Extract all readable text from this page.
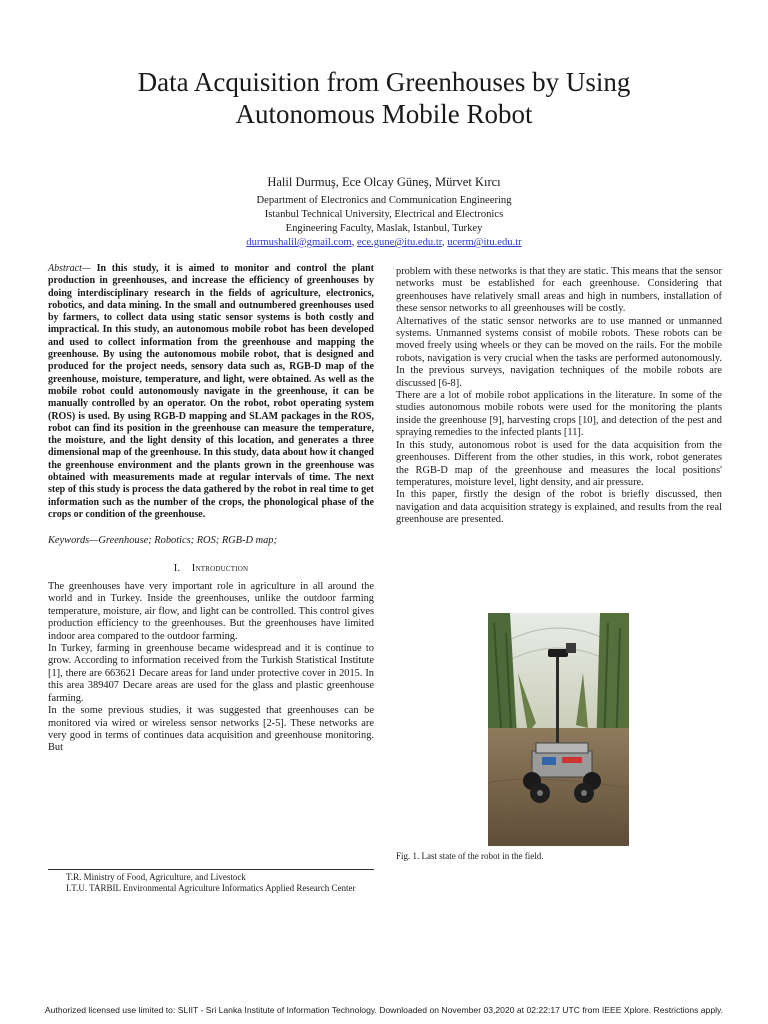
Data Acquisition from Greenhouses by Using
Autonomous Mobile Robot
Halil Durmuş, Ece Olcay Güneş, Mürvet Kırcı
Department of Electronics and Communication Engineering
Istanbul Technical University, Electrical and Electronics
Engineering Faculty, Maslak, Istanbul, Turkey
durmushalil@gmail.com, ece.gune@itu.edu.tr, ucerm@itu.edu.tr
Abstract— In this study, it is aimed to monitor and control the plant production in greenhouses, and increase the efficiency of greenhouses by doing interdisciplinary research in the fields of agriculture, electronics, robotics, and data mining. In the small and outnumbered greenhouses used by farmers, to collect data using static sensor systems is both costly and impractical. In this study, an autonomous mobile robot has been developed and used to collect information from the greenhouse and mapping the greenhouse. By using the autonomous mobile robot, that is designed and produced for the project needs, sensory data such as, RGB-D map of the greenhouse, moisture, temperature, and light, were obtained. As well as the mobile robot could autonomously navigate in the greenhouse, it can be manually controlled by an operator. On the robot, robot operating system (ROS) is used. By using RGB-D mapping and SLAM packages in the ROS, robot can find its position in the greenhouse can measure the temperature, the moisture, and the light density of this location, and generates a three dimensional map of the greenhouse. In this study, data about how it changed the greenhouse environment and the plants grown in the greenhouse was obtained with measurements made at regular intervals of time. The next step of this study is process the data gathered by the robot in real time to get information such as the number of the crops, the phonological phase of the crops or condition of the greenhouse.
Keywords—Greenhouse; Robotics; ROS; RGB-D map;
I. Introduction

The greenhouses have very important role in agriculture in all around the world and in Turkey. Inside the greenhouses, unlike the outdoor farming temperature, moisture, air flow, and light can be controlled. This control gives production efficiency to the greenhouses. But the greenhouses have limited indoor area compared to the outdoor farming.

In Turkey, farming in greenhouse became widespread and it is continue to grow. According to information received from the Turkish Statistical Institute [1], there are 663621 Decare areas for land under protective cover in 2015. In this area 389407 Decare areas are used for the glass and plastic greenhouse farming.

In the some previous studies, it was suggested that greenhouses can be monitored via wired or wireless sensor networks [2-5]. These networks are very good in terms of continues data acquisition and greenhouse monitoring. But

T.R. Ministry of Food, Agriculture, and Livestock
I.T.U. TARBIL Environmental Agriculture Informatics Applied Research Center

problem with these networks is that they are static. This means that the sensor networks must be established for each greenhouse. Considering that greenhouses have relatively small areas and high in numbers, installation of these sensor networks to all greenhouses will be costly.

Alternatives of the static sensor networks are to use manned or unmanned systems. Unmanned systems consist of mobile robots. These robots can be moved freely using wheels or they can be moved on the rails. For the mobile robots, navigation is very crucial when the tasks are performed autonomously. In the previous surveys, navigation techniques of the mobile robots are discussed [6-8].

There are a lot of mobile robot applications in the literature. In some of the studies autonomous mobile robots were used for the monitoring the plants inside the greenhouse [9], harvesting crops [10], and detection of the pest and spraying remedies to the infected plants [11].

In this study, autonomous robot is used for the data acquisition from the greenhouses. Different from the other studies, in this work, robot generates the RGB-D map of the greenhouse and measures the local positions' temperatures, moisture level, light density, and air pressure.

In this paper, firstly the design of the robot is briefly discussed, then navigation and data acquisition strategy is explained, and results from the real greenhouse are presented.

Fig. 1. Last state of the robot in the field.
Authorized licensed use limited to: SLIIT - Sri Lanka Institute of Information Technology. Downloaded on November 03,2020 at 02:22:17 UTC from IEEE Xplore. Restrictions apply.
